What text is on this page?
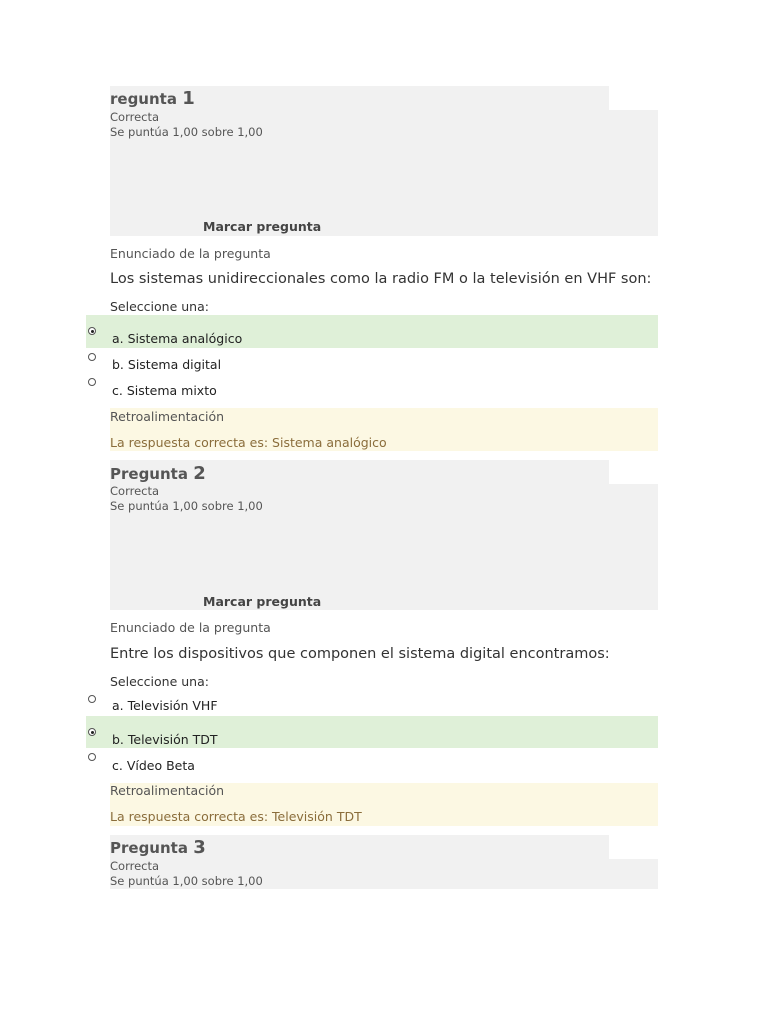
regunta 1
Correcta
Se puntúa 1,00 sobre 1,00
Marcar pregunta
Enunciado de la pregunta
Los sistemas unidireccionales como la radio FM o la televisión en VHF son:
Seleccione una:
a. Sistema analógico
b. Sistema digital
c. Sistema mixto
Retroalimentación
La respuesta correcta es: Sistema analógico
Pregunta 2
Correcta
Se puntúa 1,00 sobre 1,00
Marcar pregunta
Enunciado de la pregunta
Entre los dispositivos que componen el sistema digital encontramos:
Seleccione una:
a. Televisión VHF
b. Televisión TDT
c. Vídeo Beta
Retroalimentación
La respuesta correcta es: Televisión TDT
Pregunta 3
Correcta
Se puntúa 1,00 sobre 1,00
